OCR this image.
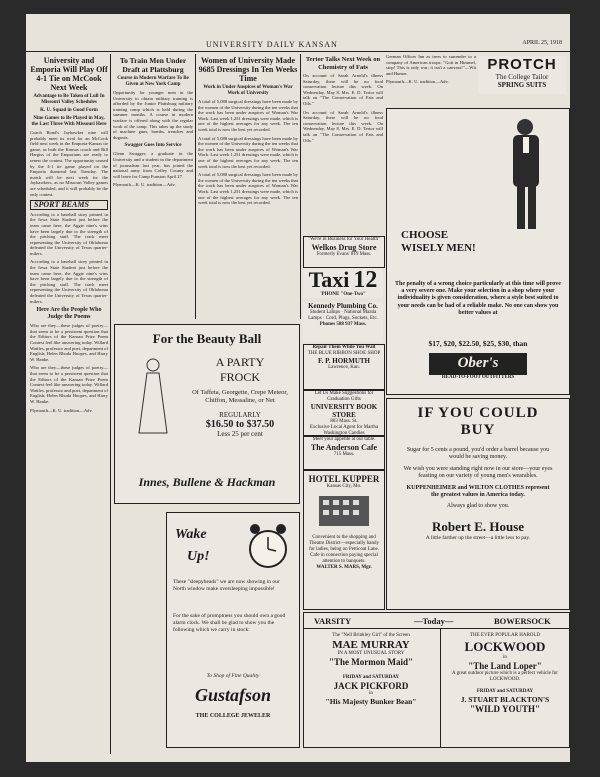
UNIVERSITY DAILY KANSAN	APRIL 25, 1918
University and Emporia Will Play Off 4-1 Tie on McCook Next Week
Advantage to Be Taken of Lull In Missouri Valley Schedules
K. U. Squad in Good Form
Nine Games to Be Played in May, the Last Three With Missouri Here

Coach Bond's Jayhawker nine will probably meet its rival for an McCook field next week in the Emporia-Kansas tie game, as both the Kansas coach and Bill Hargiss of the Emporians are ready to renew the contest. The opportunity caused by the 4-1 tie game played on the Emporia diamond last Tuesday. The match will be next week for the Jayhawkers, as no Missouri Valley games are scheduled, and it will probably be the only contest.

SPORT BEAMS

According to a baseball story printed in the Iowa State Student just before the team came here, the Aggie nine's wins have been largely due to the strength of the pitching staff. The track meet representing the University of Oklahoma defeated the University of Texas quarter-milers.

According to a baseball story printed in the Iowa State Student just before the team came here, the Aggie nine's wins have been largely due to the strength of the pitching staff. The track meet representing the University of Oklahoma defeated the University of Texas quarter-milers.

Here Are the People Who Judge the Poems

Who are they—these judges of poetry—that seem to be a persistent question that the Editors of the Kansan Prize Poem Contest feel like answering today. Willard Wattles, professor and poet, department of English; Helen Rhoda Hoopes, and Harry W. Hanke.

Who are they—these judges of poetry—that seem to be a persistent question that the Editors of the Kansan Prize Poem Contest feel like answering today. Willard Wattles, professor and poet, department of English; Helen Rhoda Hoopes, and Harry W. Hanke.

Plymouth—K. U. tradition—Adv.

To Train Men Under Draft at Plattsburg
Course in Modern Warfare To Be Given at New York Camp

Opportunity for younger men in the University to obtain military training is afforded by the Junior Plattsburg military training camp which is held during the summer months. A course in modern warfare is offered along with the regular work of the camp. This takes up the study of machine guns, bombs, trenches and dugouts.

Swagger Goes Into Service

Glenn Swagger, a graduate in the University and a student in the department of journalism last year, has joined the national army from Coffey County and will leave for Camp Funston April 27.

Plymouth—K. U. tradition—Adv.

Women of University Made 9685 Dressings In Ten Weeks Time
Work in Under Auspices of Woman's War Work of University

A total of 5,088 surgical dressings have been made by the women of the University during the ten weeks that the work has been under auspices of Woman's War Work. Last week 1,251 dressings were made, which is one of the highest averages for any week. The ten week total is now the best yet recorded.

A total of 5,088 surgical dressings have been made by the women of the University during the ten weeks that the work has been under auspices of Woman's War Work. Last week 1,251 dressings were made, which is one of the highest averages for any week. The ten week total is now the best yet recorded.

A total of 5,088 surgical dressings have been made by the women of the University during the ten weeks that the work has been under auspices of Woman's War Work. Last week 1,251 dressings were made, which is one of the highest averages for any week. The ten week total is now the best yet recorded.

Tertor Talks Next Week on Chemistry of Fats

On account of Sarah Arnold's illness Saturday, there will be no food conservation lecture this week. On Wednesday, May 8, Mrs. E. D. Tertor will talk on "The Conservation of Fats and Oils."

On account of Sarah Arnold's illness Saturday, there will be no food conservation lecture this week. On Wednesday, May 8, Mrs. E. D. Tertor will talk on "The Conservation of Fats and Oils."

German Officer Inn as trees to surrender to a company of American troops: "Gott in Himmel, stop! This is only war; it isn't a canvass!"—Wit and Humor.

Plymouth—K. U. tradition—Adv.

PROTCH
The College Tailor
SPRING SUITS
CHOOSE WISELY MEN!
The penalty of a wrong choice particularly at this time will prove a very severe one. Make your selection in a shop where your individuality is given consideration, where a style best suited to your needs can be had of a reliable make. No one can show you better values at
$17, $20, $22.50, $25, $30, than
Ober's
HEAD-TO-FOOT OUTFITTERS
"We're in Business for Your Health"
Welkos Drug Store
Formerly Evans' 819 Mass.
Taxi 12
'PHONE "One-Two"
Kennedy Plumbing Co.
Student Lamps · National Mazda Lamps · Cord, Plugs, Sockets, Etc.
Phones 588 937 Mass.
For the Beauty Ball
A PARTY
FROCK
Of Taffeta, Georgette, Crepe Meteor, Chiffon, Messaline, or Net
REGULARLY
$16.50 to $37.50
Less 25 per cent
Innes, Bullene & Hackman
Repair Them While You Wait
THE BLUE RIBBON SHOE SHOP
F. P. HORMUTH
Lawrence, Kan.
Let Us Make Suggestions for Graduation Gifts
UNIVERSITY BOOK STORE
803 Mass. St.
Exclusive Local Agent for Martha Washington Candies
Meet your appetite at our table.
The Anderson Cafe
715 Mass.
HOTEL KUPPER
Kansas City, Mo.
Convenient to the shopping and Theatre District—especially handy for ladies, being on Petticoat Lane. Cafe in connection paying special attention to banquets.
WALTER S. MARS, Mgr.
IF YOU COULD
BUY
Sugar for 5 cents a pound, you'd order a barrel because you would be saving money.
We wish you were standing right now in our store—your eyes feasting on our variety of young men's wearables.
KUPPENHEIMER and WILTON CLOTHES represent the greatest values in America today.
Always glad to show you.
Robert E. House
A little farther up the street—a little less to pay.
Wake
Up!
These "sleepyheads" we are now showing in our North window make oversleeping impossible!
For the sake of promptness you should own a good alarm clock. We shall be glad to show you the following which we carry in stock:
To Shop of Fine Quality
Gustafson
THE COLLEGE JEWELER
VARSITY	—Today—	BOWERSOCK
The "Nell Brinkley Girl" of the Screen
MAE MURRAY
IN A MOST UNUSUAL STORY
"The Mormon Maid"
FRIDAY and SATURDAY
JACK PICKFORD
in
"His Majesty Bunker Bean"
THE EVER POPULAR HAROLD
LOCKWOOD
in
"The Land Loper"
A great outdoor picture which is a perfect vehicle for LOCKWOOD.
FRIDAY and SATURDAY
J. STUART BLACKTON'S
"WILD YOUTH"
